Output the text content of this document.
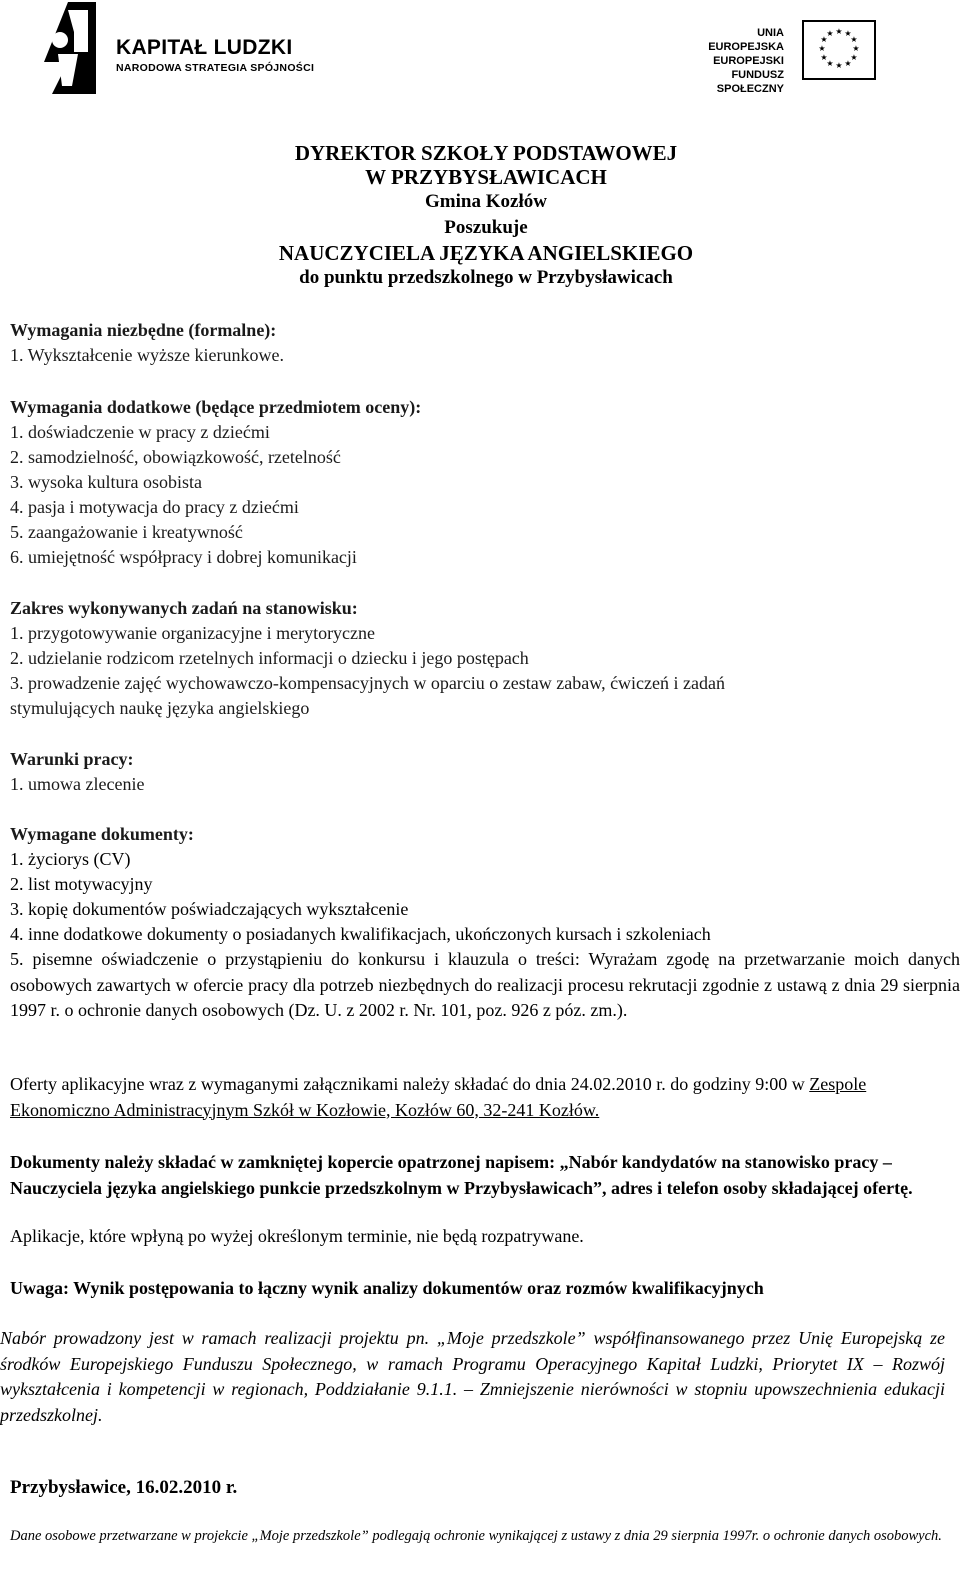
KAPITAŁ LUDZKI
NARODOWA STRATEGIA SPÓJNOŚCI
UNIA EUROPEJSKA
EUROPEJSKI
FUNDUSZ SPOŁECZNY
★ ★
★
★
★
★
★
★
★
★
★
★
DYREKTOR SZKOŁY PODSTAWOWEJ
W PRZYBYSŁAWICACH
Gmina Kozłów
Poszukuje
NAUCZYCIELA JĘZYKA ANGIELSKIEGO
do punktu przedszkolnego w Przybysławicach
Wymagania niezbędne (formalne):
1. Wykształcenie wyższe kierunkowe.
Wymagania dodatkowe (będące przedmiotem oceny):
1. doświadczenie w pracy z dziećmi
2. samodzielność, obowiązkowość, rzetelność
3. wysoka kultura osobista
4. pasja i motywacja do pracy z dziećmi
5. zaangażowanie i kreatywność
6. umiejętność współpracy i dobrej komunikacji
Zakres wykonywanych zadań na stanowisku:
1. przygotowywanie organizacyjne i merytoryczne
2. udzielanie rodzicom rzetelnych informacji o dziecku i jego postępach
3. prowadzenie zajęć wychowawczo-kompensacyjnych w oparciu o zestaw zabaw, ćwiczeń i zadań
stymulujących naukę języka angielskiego
Warunki pracy:
1. umowa zlecenie
Wymagane dokumenty:
1. życiorys (CV)
2. list motywacyjny
3. kopię dokumentów poświadczających wykształcenie
4. inne dodatkowe dokumenty o posiadanych kwalifikacjach, ukończonych kursach i szkoleniach
5. pisemne oświadczenie o przystąpieniu do konkursu i klauzula o treści: Wyrażam zgodę na przetwarzanie moich danych osobowych zawartych w ofercie pracy dla potrzeb niezbędnych do realizacji procesu rekrutacji zgodnie z ustawą z dnia 29 sierpnia 1997 r. o ochronie danych osobowych (Dz. U. z 2002 r. Nr. 101, poz. 926 z póz. zm.).
Oferty aplikacyjne wraz z wymaganymi załącznikami należy składać do dnia 24.02.2010 r. do godziny 9:00 w Zespole Ekonomiczno Administracyjnym Szkół w Kozłowie, Kozłów 60, 32-241 Kozłów.
Dokumenty należy składać w zamkniętej kopercie opatrzonej napisem: „Nabór kandydatów na stanowisko pracy – Nauczyciela języka angielskiego punkcie przedszkolnym w Przybysławicach”, adres i telefon osoby składającej ofertę.
Aplikacje, które wpłyną po wyżej określonym terminie, nie będą rozpatrywane.
Uwaga: Wynik postępowania to łączny wynik analizy dokumentów oraz rozmów kwalifikacyjnych
Nabór prowadzony jest w ramach realizacji projektu pn. „Moje przedszkole” współfinansowanego przez Unię Europejską ze środków Europejskiego Funduszu Społecznego, w ramach Programu Operacyjnego Kapitał Ludzki, Priorytet IX – Rozwój wykształcenia i kompetencji w regionach, Poddziałanie 9.1.1. – Zmniejszenie nierówności w stopniu upowszechnienia edukacji przedszkolnej.
Przybysławice, 16.02.2010 r.
Dane osobowe przetwarzane w projekcie „Moje przedszkole” podlegają ochronie wynikającej z ustawy z dnia 29 sierpnia 1997r. o ochronie danych osobowych.
